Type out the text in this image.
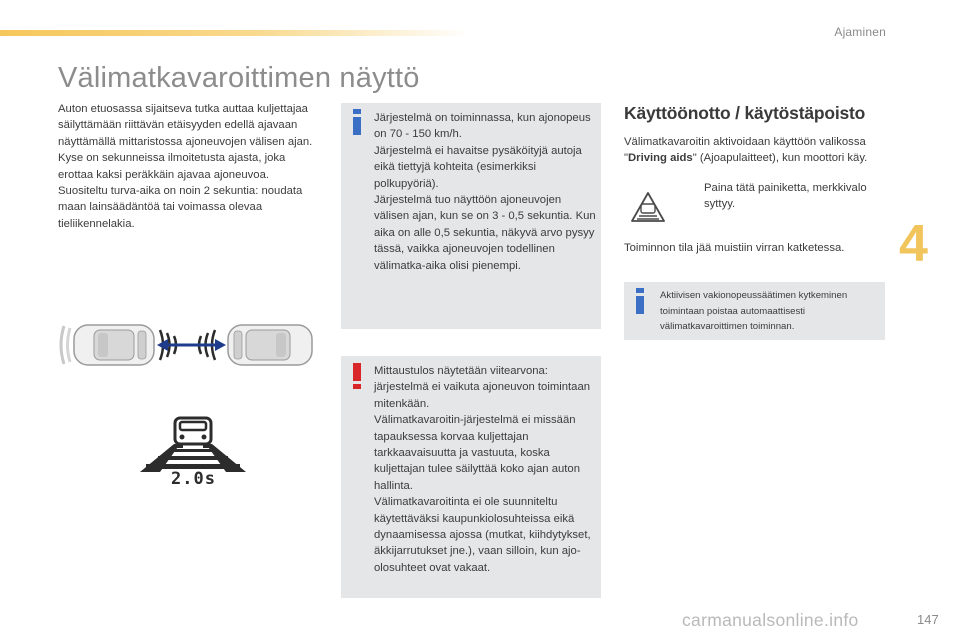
Ajaminen
Välimatkavaroittimen näyttö

Auton etuosassa sijaitseva tutka auttaa kuljettajaa säilyttämään riittävän etäisyyden edellä ajavaan näyttämällä mittaristossa ajoneuvojen välisen ajan.

Kyse on sekunneissa ilmoitetusta ajasta, joka erottaa kaksi peräkkäin ajavaa ajoneuvoa.

Suositeltu turva-aika on noin 2 sekuntia: noudata maan lainsäädäntöä tai voimassa olevaa tieliikennelakia.

2.0s

Järjestelmä on toiminnassa, kun ajonopeus on 70 - 150 km/h.

Järjestelmä ei havaitse pysäköityjä autoja eikä tiettyjä kohteita (esimerkiksi polkupyöriä).

Järjestelmä tuo näyttöön ajoneuvojen välisen ajan, kun se on 3 - 0,5 sekuntia. Kun aika on alle 0,5 sekuntia, näkyvä arvo pysyy tässä, vaikka ajoneuvojen todellinen välimatka-aika olisi pienempi.

Mittaustulos näytetään viitearvona: järjestelmä ei vaikuta ajoneuvon toimintaan mitenkään.

Välimatkavaroitin-järjestelmä ei missään tapauksessa korvaa kuljettajan tarkkaavaisuutta ja vastuuta, koska kuljettajan tulee säilyttää koko ajan auton hallinta.

Välimatkavaroitinta ei ole suunniteltu käytettäväksi kaupunkiolosuhteissa eikä dynaamisessa ajossa (mutkat, kiihdytykset, äkkijarrutukset jne.), vaan silloin, kun ajo-olosuhteet ovat vakaat.

Käyttöönotto / käytöstäpoisto

Välimatkavaroitin aktivoidaan käyttöön valikossa "Driving aids" (Ajoapulaitteet), kun moottori käy.

Paina tätä painiketta, merkkivalo syttyy.

Toiminnon tila jää muistiin virran katketessa.

Aktiivisen vakionopeussäätimen kytkeminen toimintaan poistaa automaattisesti välimatkavaroittimen toiminnan.
4
carmanualsonline.info	147
